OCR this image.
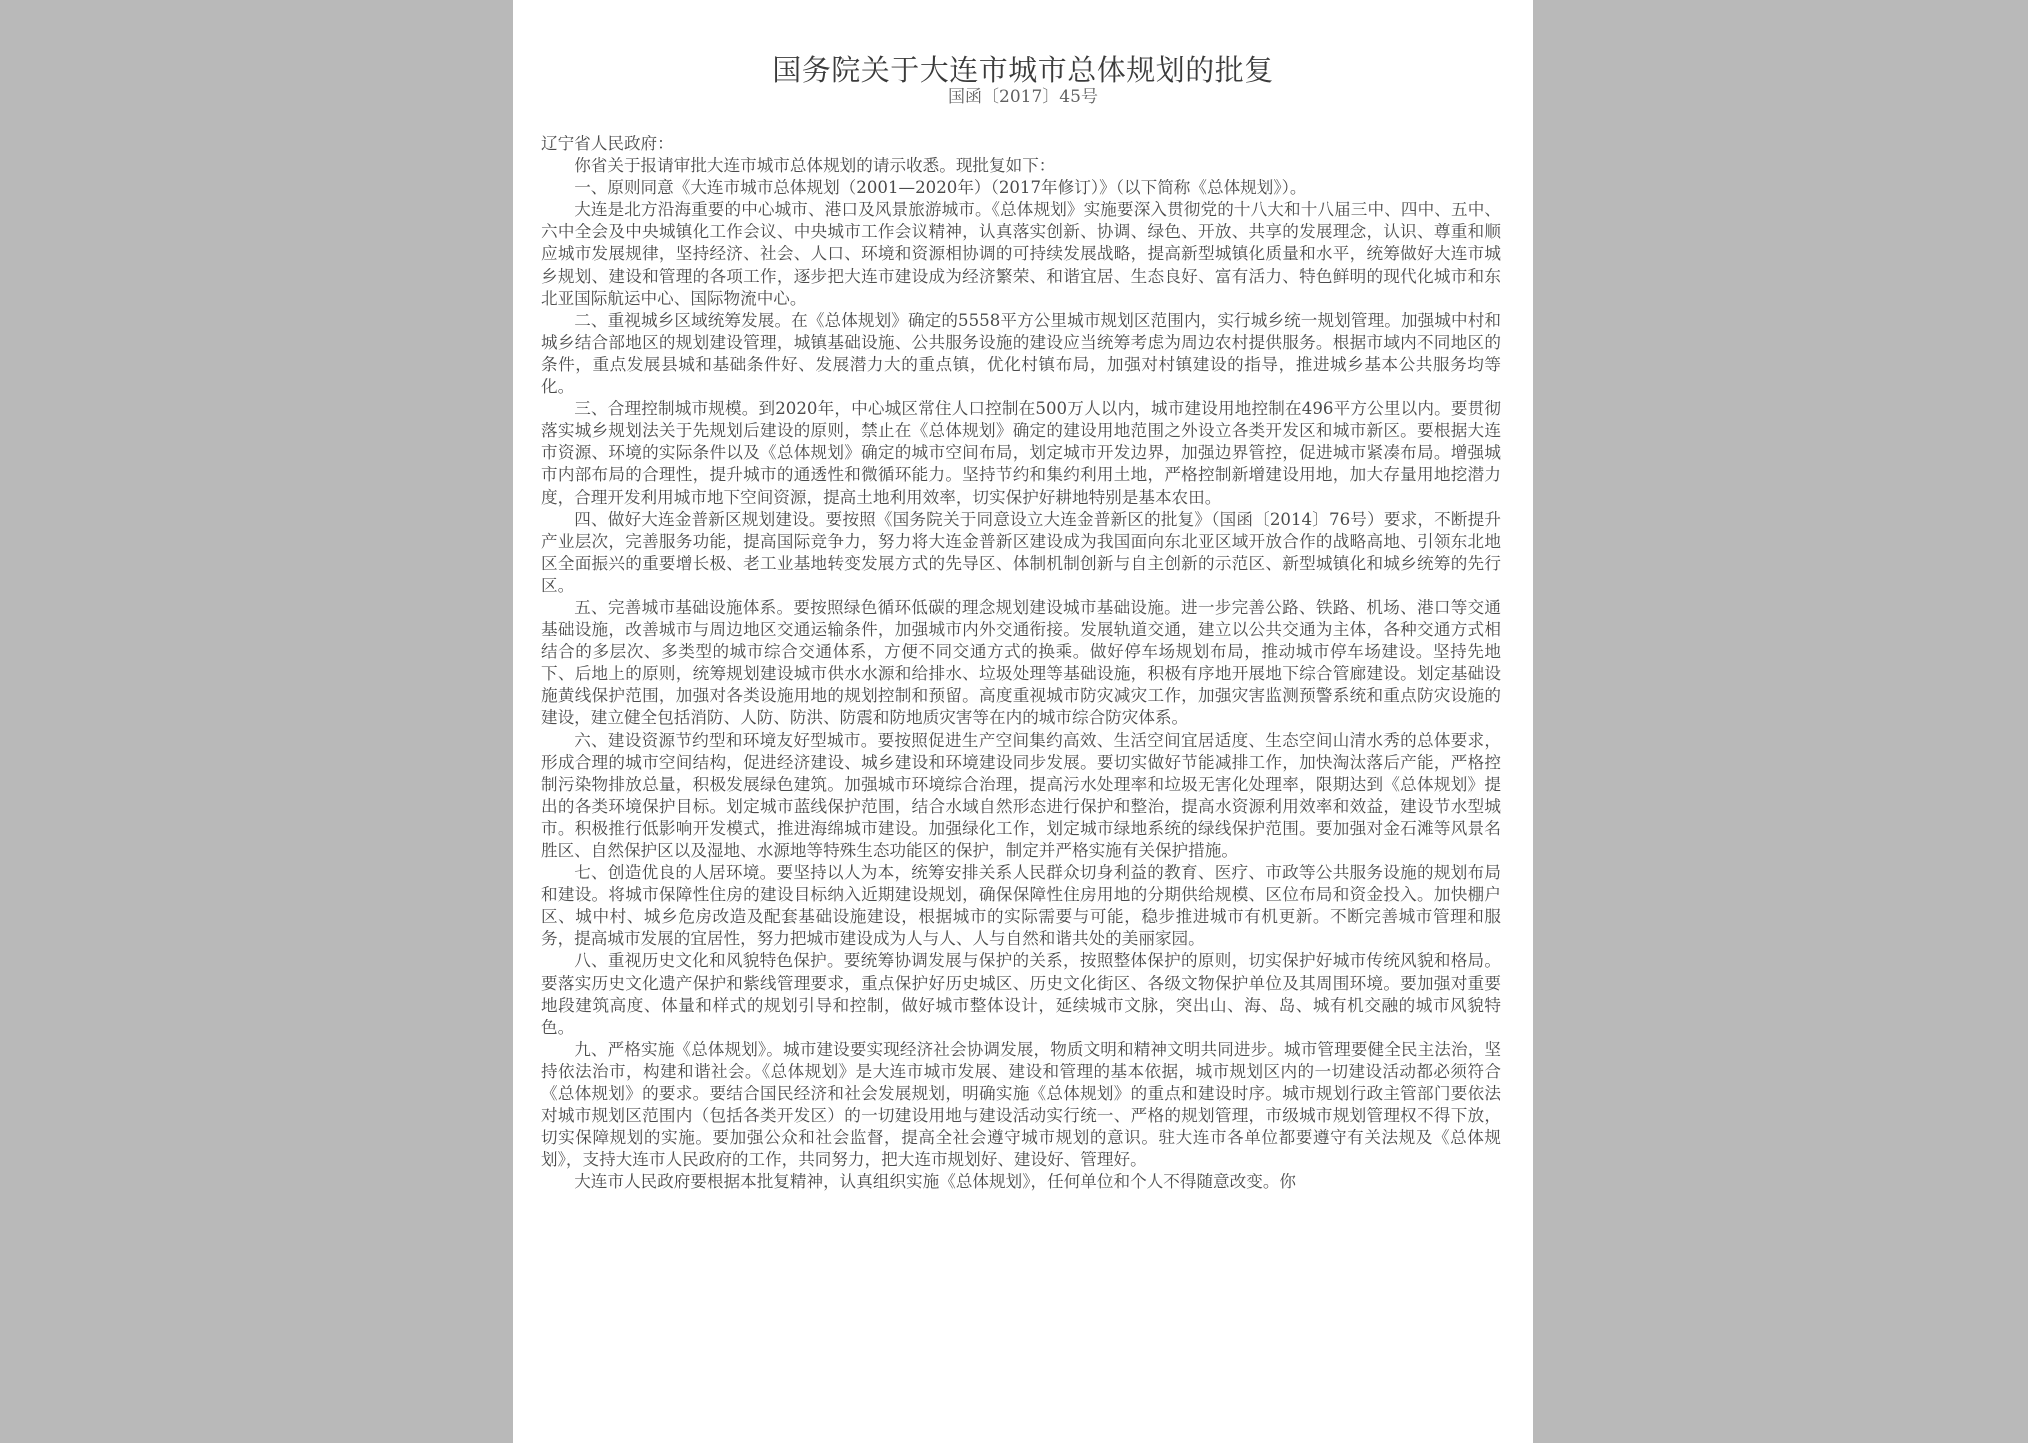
国务院关于大连市城市总体规划的批复
国函〔2017〕45号

辽宁省人民政府：

你省关于报请审批大连市城市总体规划的请示收悉。现批复如下：

一、原则同意《大连市城市总体规划（2001—2020年）（2017年修订）》（以下简称《总体规划》）。

大连是北方沿海重要的中心城市、港口及风景旅游城市。《总体规划》实施要深入贯彻党的十八大和十八届三中、四中、五中、六中全会及中央城镇化工作会议、中央城市工作会议精神，认真落实创新、协调、绿色、开放、共享的发展理念，认识、尊重和顺应城市发展规律，坚持经济、社会、人口、环境和资源相协调的可持续发展战略，提高新型城镇化质量和水平，统筹做好大连市城乡规划、建设和管理的各项工作，逐步把大连市建设成为经济繁荣、和谐宜居、生态良好、富有活力、特色鲜明的现代化城市和东北亚国际航运中心、国际物流中心。

二、重视城乡区域统筹发展。在《总体规划》确定的5558平方公里城市规划区范围内，实行城乡统一规划管理。加强城中村和城乡结合部地区的规划建设管理，城镇基础设施、公共服务设施的建设应当统筹考虑为周边农村提供服务。根据市域内不同地区的条件，重点发展县城和基础条件好、发展潜力大的重点镇，优化村镇布局，加强对村镇建设的指导，推进城乡基本公共服务均等化。

三、合理控制城市规模。到2020年，中心城区常住人口控制在500万人以内，城市建设用地控制在496平方公里以内。要贯彻落实城乡规划法关于先规划后建设的原则，禁止在《总体规划》确定的建设用地范围之外设立各类开发区和城市新区。要根据大连市资源、环境的实际条件以及《总体规划》确定的城市空间布局，划定城市开发边界，加强边界管控，促进城市紧凑布局。增强城市内部布局的合理性，提升城市的通透性和微循环能力。坚持节约和集约利用土地，严格控制新增建设用地，加大存量用地挖潜力度，合理开发利用城市地下空间资源，提高土地利用效率，切实保护好耕地特别是基本农田。

四、做好大连金普新区规划建设。要按照《国务院关于同意设立大连金普新区的批复》（国函〔2014〕76号）要求，不断提升产业层次，完善服务功能，提高国际竞争力，努力将大连金普新区建设成为我国面向东北亚区域开放合作的战略高地、引领东北地区全面振兴的重要增长极、老工业基地转变发展方式的先导区、体制机制创新与自主创新的示范区、新型城镇化和城乡统筹的先行区。

五、完善城市基础设施体系。要按照绿色循环低碳的理念规划建设城市基础设施。进一步完善公路、铁路、机场、港口等交通基础设施，改善城市与周边地区交通运输条件，加强城市内外交通衔接。发展轨道交通，建立以公共交通为主体，各种交通方式相结合的多层次、多类型的城市综合交通体系，方便不同交通方式的换乘。做好停车场规划布局，推动城市停车场建设。坚持先地下、后地上的原则，统筹规划建设城市供水水源和给排水、垃圾处理等基础设施，积极有序地开展地下综合管廊建设。划定基础设施黄线保护范围，加强对各类设施用地的规划控制和预留。高度重视城市防灾减灾工作，加强灾害监测预警系统和重点防灾设施的建设，建立健全包括消防、人防、防洪、防震和防地质灾害等在内的城市综合防灾体系。

六、建设资源节约型和环境友好型城市。要按照促进生产空间集约高效、生活空间宜居适度、生态空间山清水秀的总体要求，形成合理的城市空间结构，促进经济建设、城乡建设和环境建设同步发展。要切实做好节能减排工作，加快淘汰落后产能，严格控制污染物排放总量，积极发展绿色建筑。加强城市环境综合治理，提高污水处理率和垃圾无害化处理率，限期达到《总体规划》提出的各类环境保护目标。划定城市蓝线保护范围，结合水域自然形态进行保护和整治，提高水资源利用效率和效益，建设节水型城市。积极推行低影响开发模式，推进海绵城市建设。加强绿化工作，划定城市绿地系统的绿线保护范围。要加强对金石滩等风景名胜区、自然保护区以及湿地、水源地等特殊生态功能区的保护，制定并严格实施有关保护措施。

七、创造优良的人居环境。要坚持以人为本，统筹安排关系人民群众切身利益的教育、医疗、市政等公共服务设施的规划布局和建设。将城市保障性住房的建设目标纳入近期建设规划，确保保障性住房用地的分期供给规模、区位布局和资金投入。加快棚户区、城中村、城乡危房改造及配套基础设施建设，根据城市的实际需要与可能，稳步推进城市有机更新。不断完善城市管理和服务，提高城市发展的宜居性，努力把城市建设成为人与人、人与自然和谐共处的美丽家园。

八、重视历史文化和风貌特色保护。要统筹协调发展与保护的关系，按照整体保护的原则，切实保护好城市传统风貌和格局。要落实历史文化遗产保护和紫线管理要求，重点保护好历史城区、历史文化街区、各级文物保护单位及其周围环境。要加强对重要地段建筑高度、体量和样式的规划引导和控制，做好城市整体设计，延续城市文脉，突出山、海、岛、城有机交融的城市风貌特色。

九、严格实施《总体规划》。城市建设要实现经济社会协调发展，物质文明和精神文明共同进步。城市管理要健全民主法治，坚持依法治市，构建和谐社会。《总体规划》是大连市城市发展、建设和管理的基本依据，城市规划区内的一切建设活动都必须符合《总体规划》的要求。要结合国民经济和社会发展规划，明确实施《总体规划》的重点和建设时序。城市规划行政主管部门要依法对城市规划区范围内（包括各类开发区）的一切建设用地与建设活动实行统一、严格的规划管理，市级城市规划管理权不得下放，切实保障规划的实施。要加强公众和社会监督，提高全社会遵守城市规划的意识。驻大连市各单位都要遵守有关法规及《总体规划》，支持大连市人民政府的工作，共同努力，把大连市规划好、建设好、管理好。

大连市人民政府要根据本批复精神，认真组织实施《总体规划》，任何单位和个人不得随意改变。你
